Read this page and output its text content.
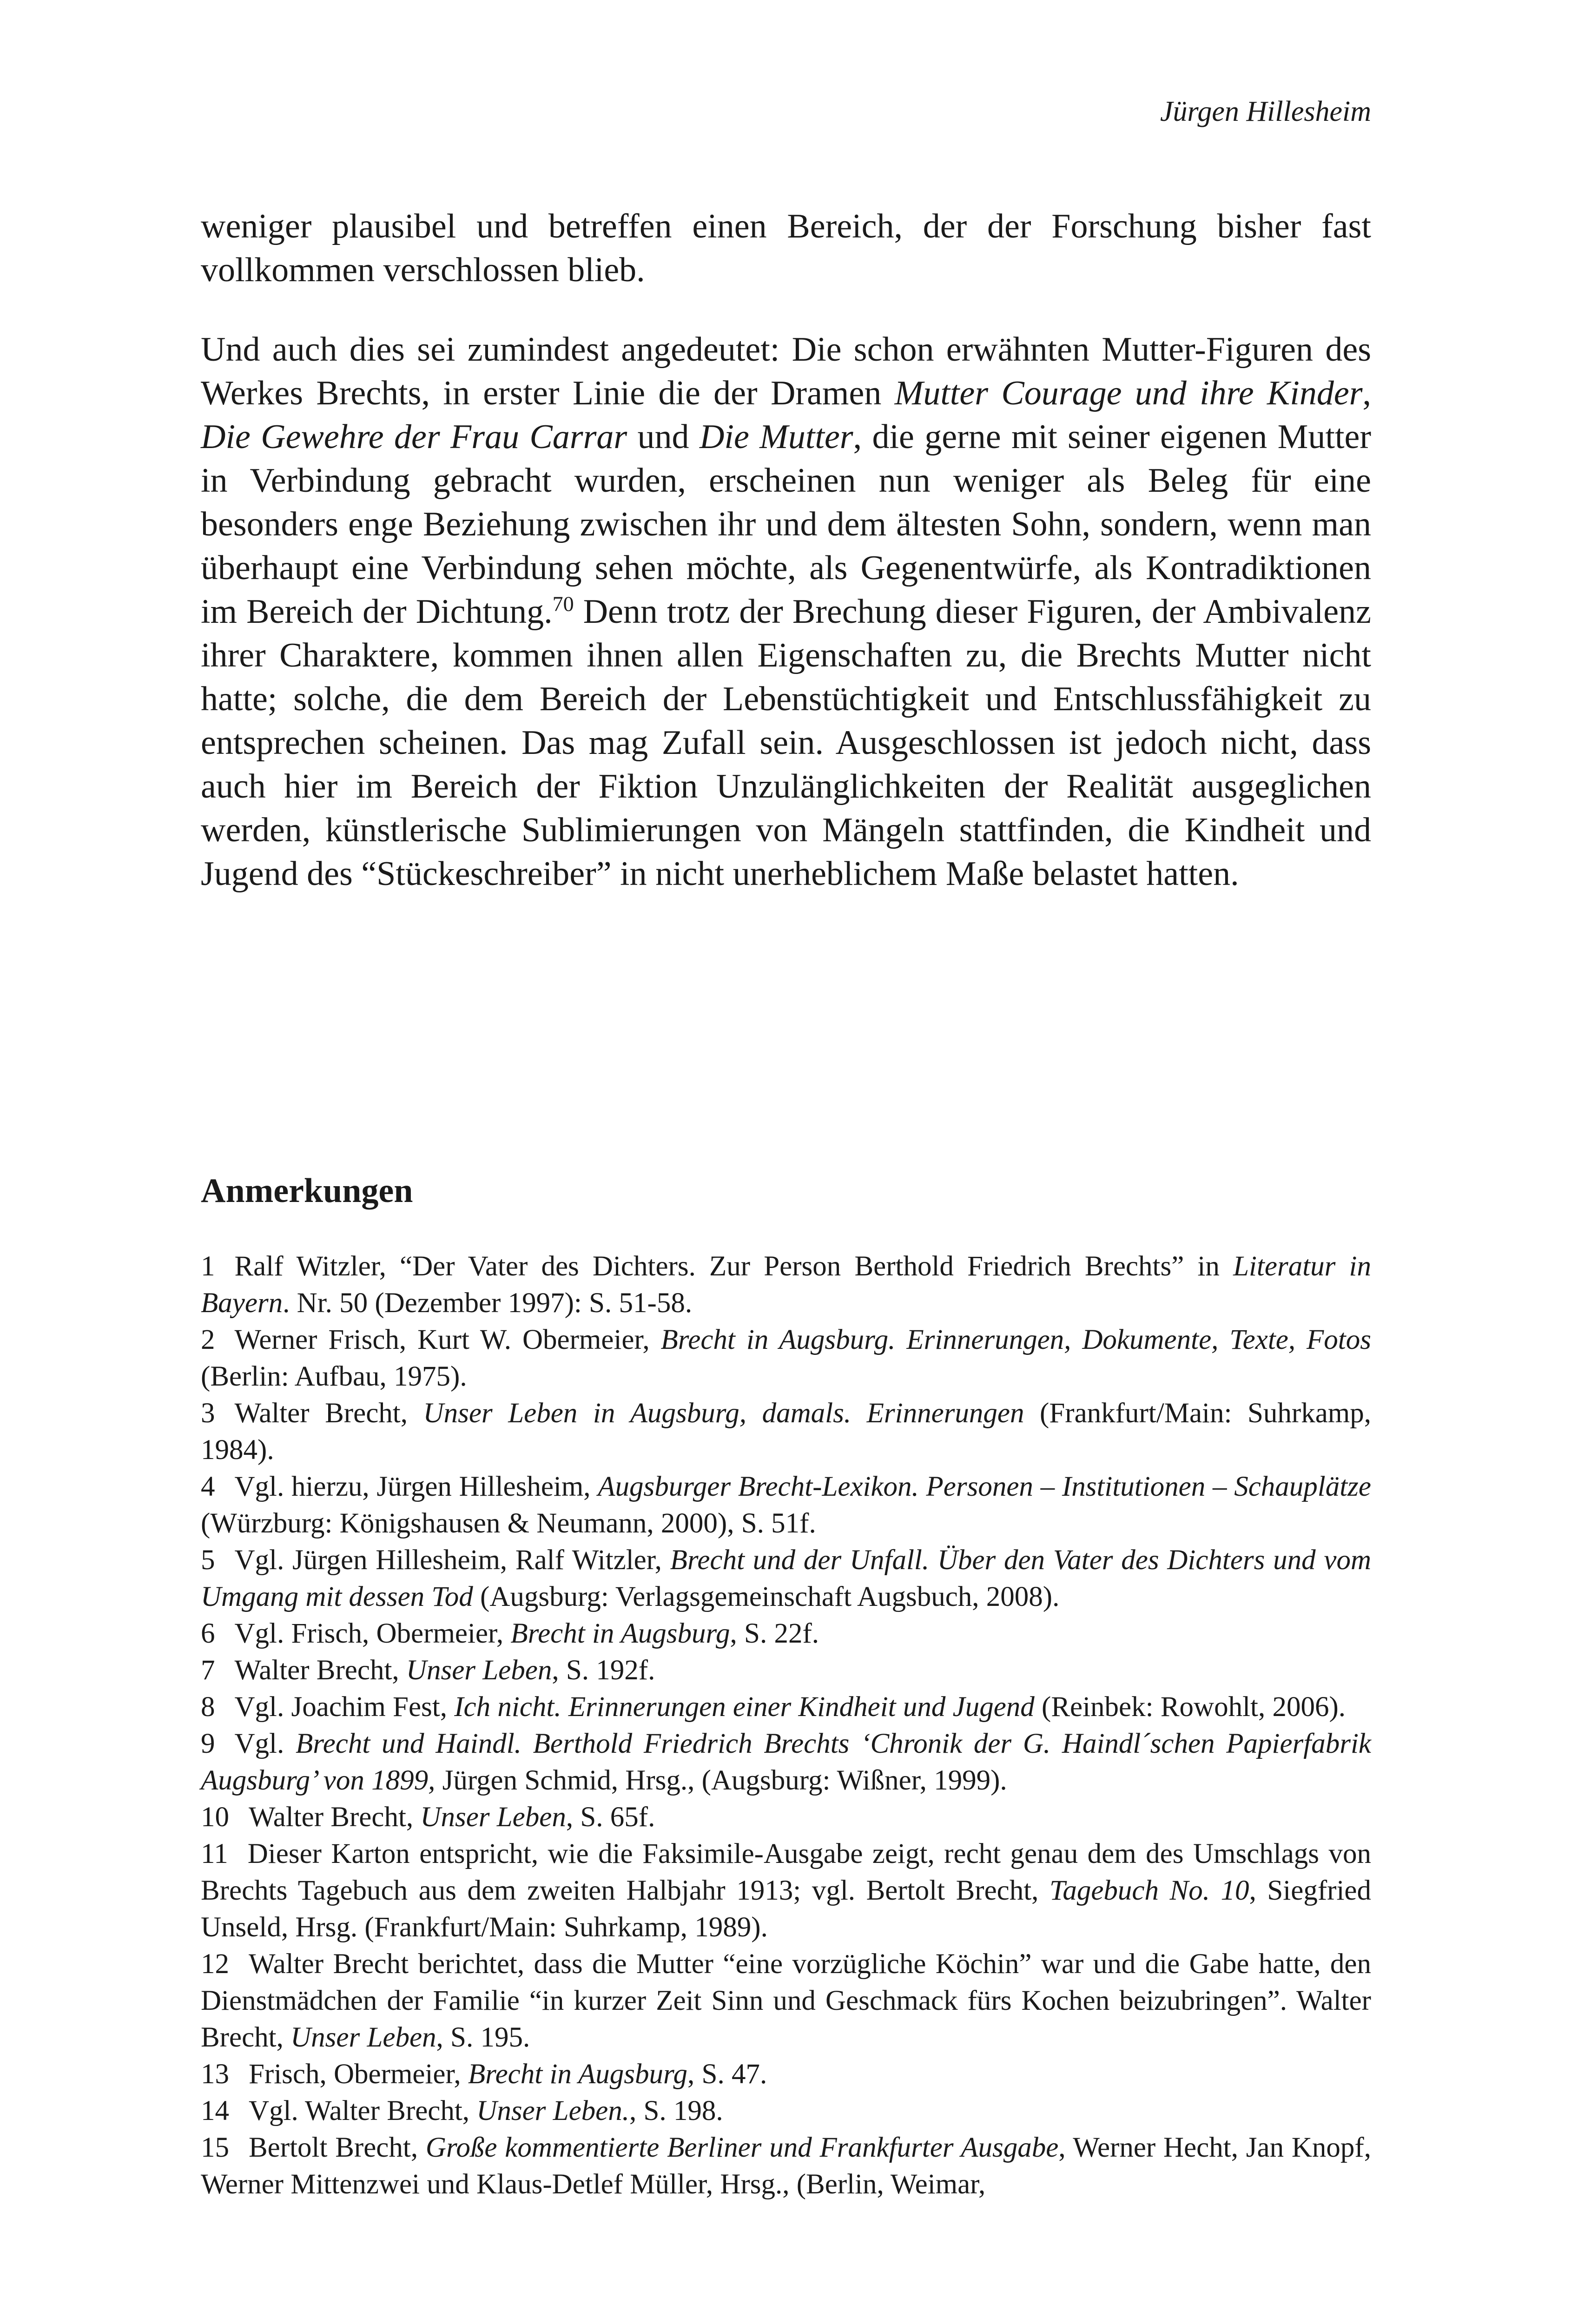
Jürgen Hillesheim

weniger plausibel und betreffen einen Bereich, der der Forschung bisher fast vollkommen verschlossen blieb.

Und auch dies sei zumindest angedeutet: Die schon erwähnten Mutter-Figuren des Werkes Brechts, in erster Linie die der Dramen Mutter Courage und ihre Kinder, Die Gewehre der Frau Carrar und Die Mutter, die gerne mit seiner eigenen Mutter in Verbindung gebracht wurden, erscheinen nun weniger als Beleg für eine besonders enge Beziehung zwischen ihr und dem ältesten Sohn, sondern, wenn man überhaupt eine Verbindung sehen möchte, als Gegenentwürfe, als Kontradiktionen im Bereich der Dichtung.$^{70}$ Denn trotz der Brechung dieser Figuren, der Ambivalenz ihrer Charaktere, kommen ihnen allen Eigenschaften zu, die Brechts Mutter nicht hatte; solche, die dem Bereich der Lebenstüchtigkeit und Entschlussfähigkeit zu entsprechen scheinen. Das mag Zufall sein. Ausgeschlossen ist jedoch nicht, dass auch hier im Bereich der Fiktion Unzulänglichkeiten der Realität ausgeglichen werden, künstlerische Sublimierungen von Mängeln stattfinden, die Kindheit und Jugend des “Stückeschreiber” in nicht unerheblichem Maße belastet hatten.

Anmerkungen
1 Ralf Witzler, “Der Vater des Dichters. Zur Person Berthold Friedrich Brechts” in Literatur in Bayern. Nr. 50 (Dezember 1997): S. 51-58.
2 Werner Frisch, Kurt W. Obermeier, Brecht in Augsburg. Erinnerungen, Dokumente, Texte, Fotos (Berlin: Aufbau, 1975).
3 Walter Brecht, Unser Leben in Augsburg, damals. Erinnerungen (Frankfurt/Main: Suhrkamp, 1984).
4 Vgl. hierzu, Jürgen Hillesheim, Augsburger Brecht-Lexikon. Personen – Institutionen – Schauplätze (Würzburg: Königshausen & Neumann, 2000), S. 51f.
5 Vgl. Jürgen Hillesheim, Ralf Witzler, Brecht und der Unfall. Über den Vater des Dichters und vom Umgang mit dessen Tod (Augsburg: Verlagsgemeinschaft Augsbuch, 2008).
6 Vgl. Frisch, Obermeier, Brecht in Augsburg, S. 22f.
7 Walter Brecht, Unser Leben, S. 192f.
8 Vgl. Joachim Fest, Ich nicht. Erinnerungen einer Kindheit und Jugend (Reinbek: Rowohlt, 2006).
9 Vgl. Brecht und Haindl. Berthold Friedrich Brechts ‘Chronik der G. Haindl´schen Papierfabrik Augsburg’ von 1899, Jürgen Schmid, Hrsg., (Augsburg: Wißner, 1999).
10 Walter Brecht, Unser Leben, S. 65f.
11 Dieser Karton entspricht, wie die Faksimile-Ausgabe zeigt, recht genau dem des Umschlags von Brechts Tagebuch aus dem zweiten Halbjahr 1913; vgl. Bertolt Brecht, Tagebuch No. 10, Siegfried Unseld, Hrsg. (Frankfurt/Main: Suhrkamp, 1989).
12 Walter Brecht berichtet, dass die Mutter “eine vorzügliche Köchin” war und die Gabe hatte, den Dienstmädchen der Familie “in kurzer Zeit Sinn und Geschmack fürs Kochen beizubringen”. Walter Brecht, Unser Leben, S. 195.
13 Frisch, Obermeier, Brecht in Augsburg, S. 47.
14 Vgl. Walter Brecht, Unser Leben., S. 198.
15 Bertolt Brecht, Große kommentierte Berliner und Frankfurter Ausgabe, Werner Hecht, Jan Knopf, Werner Mittenzwei und Klaus-Detlef Müller, Hrsg., (Berlin, Weimar,
